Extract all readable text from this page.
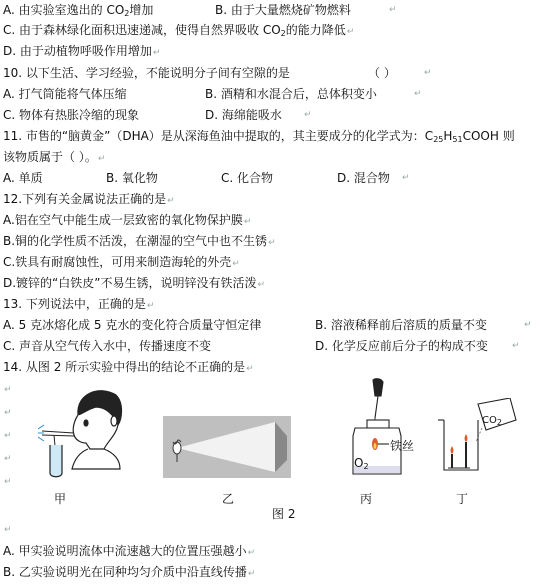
A. 由实验室逸出的 $CO_2$增加	B. 由于大量燃烧矿物燃料	↵
C. 由于森林绿化面积迅速递减，使得自然界吸收 $CO_2$的能力降低↵
D. 由于动植物呼吸作用增加↵
10. 以下生活、学习经验，不能说明分子间有空隙的是	（ ）	↵
A. 打气筒能将气体压缩	B. 酒精和水混合后，总体积变小	↵
C. 物体有热胀冷缩的现象	D. 海绵能吸水 ↵
11. 市售的“脑黄金”（DHA）是从深海鱼油中提取的，其主要成分的化学式为：$C_{25}H_{51}COOH$ 则
该物质属于（ ）。↵
A. 单质	B. 氧化物	C. 化合物	D. 混合物 ↵
12.下列有关金属说法正确的是↵
A.铝在空气中能生成一层致密的氧化物保护膜↵
B.铜的化学性质不活泼，在潮湿的空气中也不生锈↵
C.铁具有耐腐蚀性，可用来制造海轮的外壳↵
D.镀锌的“白铁皮”不易生锈，说明锌没有铁活泼↵
13. 下列说法中，正确的是↵
A. 5 克冰熔化成 5 克水的变化符合质量守恒定律	B. 溶液稀释前后溶质的质量不变	↵
C. 声音从空气传入水中，传播速度不变	D. 化学反应前后分子的构成不变	↵
14. 从图 2 所示实验中得出的结论不正确的是↵
↵
↵
↵
↵
↵
↵
铁丝
$O_2$
$CO_2$
甲	乙	丙	丁
图 2
A. 甲实验说明流体中流速越大的位置压强越小↵
B. 乙实验说明光在同种均匀介质中沿直线传播↵
